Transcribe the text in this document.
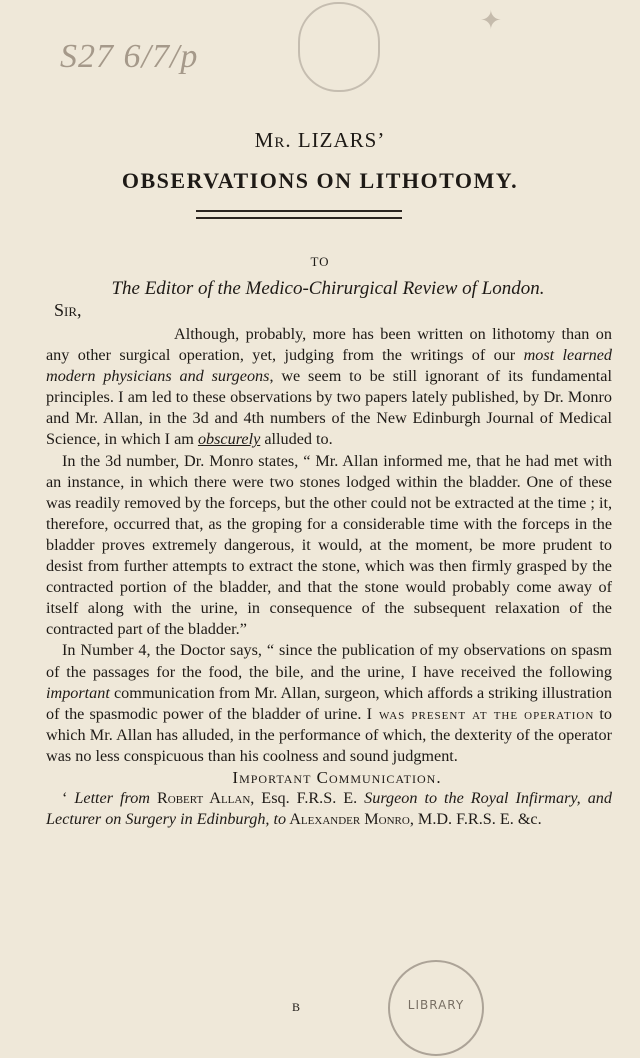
S27 6/7/p
✦
Mr. LIZARS’
OBSERVATIONS ON LITHOTOMY.
TO
The Editor of the Medico-Chirurgical Review of London.
Sir,

Although, probably, more has been written on lithotomy than on any other surgical operation, yet, judging from the writings of our most learned modern physicians and surgeons, we seem to be still ignorant of its fundamental principles. I am led to these observations by two papers lately published, by Dr. Monro and Mr. Allan, in the 3d and 4th numbers of the New Edinburgh Journal of Medical Science, in which I am obscurely alluded to.

In the 3d number, Dr. Monro states, “ Mr. Allan informed me, that he had met with an instance, in which there were two stones lodged within the bladder. One of these was readily removed by the forceps, but the other could not be extracted at the time ; it, therefore, occurred that, as the groping for a considerable time with the forceps in the bladder proves extremely dangerous, it would, at the moment, be more prudent to desist from further attempts to extract the stone, which was then firmly grasped by the contracted portion of the bladder, and that the stone would probably come away of itself along with the urine, in consequence of the subsequent relaxation of the contracted part of the bladder.”

In Number 4, the Doctor says, “ since the publication of my observations on spasm of the passages for the food, the bile, and the urine, I have received the following important communication from Mr. Allan, surgeon, which affords a striking illustration of the spasmodic power of the bladder of urine. I was present at the operation to which Mr. Allan has alluded, in the performance of which, the dexterity of the operator was no less conspicuous than his coolness and sound judgment.

Important Communication.

‘ Letter from Robert Allan, Esq. F.R.S. E. Surgeon to the Royal Infirmary, and Lecturer on Surgery in Edinburgh, to Alexander Monro, M.D. F.R.S. E. &c.

B	LIBRARY
